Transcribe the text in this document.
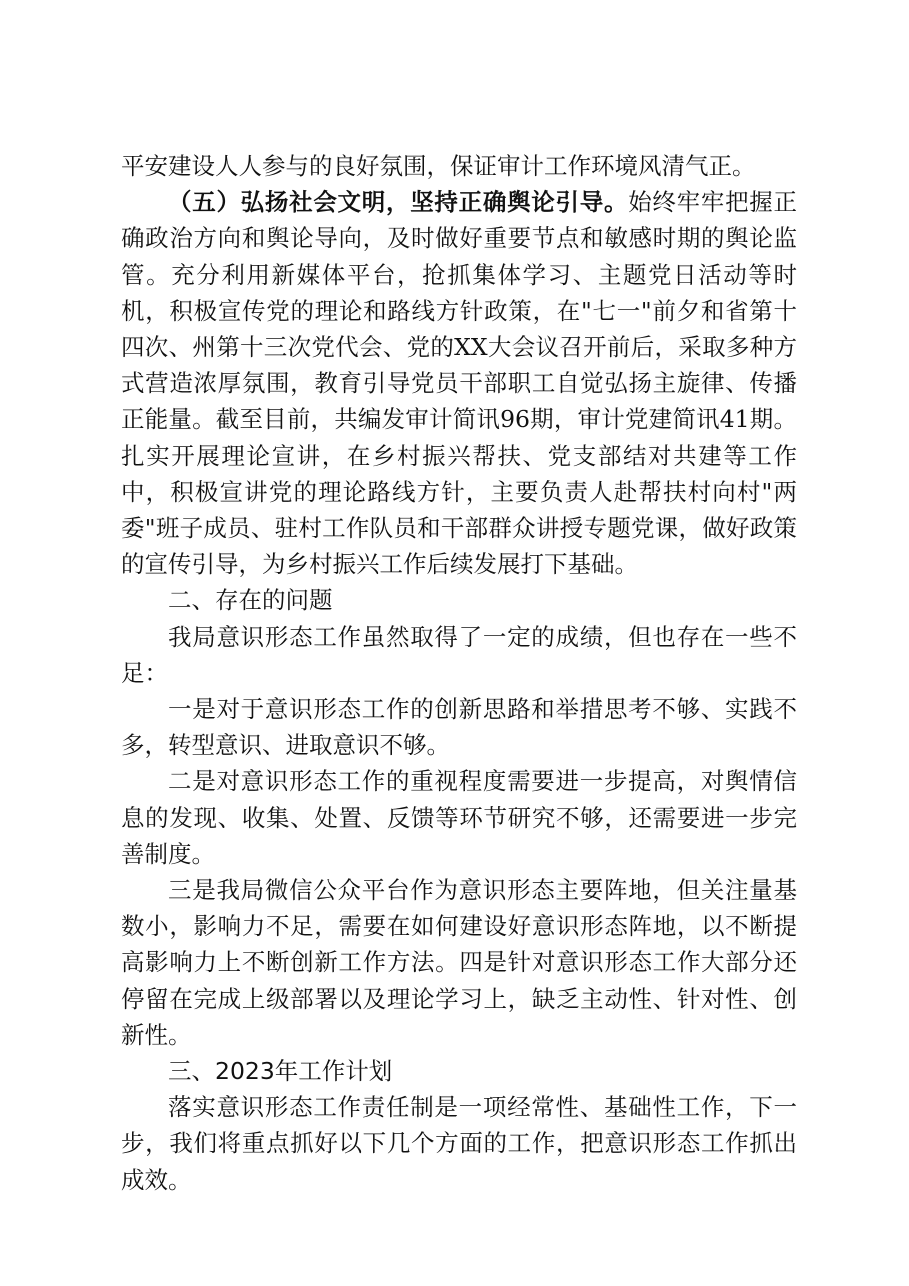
平安建设人人参与的良好氛围，保证审计工作环境风清气正。

（五）弘扬社会文明，坚持正确舆论引导。始终牢牢把握正确政治方向和舆论导向，及时做好重要节点和敏感时期的舆论监管。充分利用新媒体平台，抢抓集体学习、主题党日活动等时机，积极宣传党的理论和路线方针政策，在"七一"前夕和省第十四次、州第十三次党代会、党的XX大会议召开前后，采取多种方式营造浓厚氛围，教育引导党员干部职工自觉弘扬主旋律、传播正能量。截至目前，共编发审计简讯96期，审计党建简讯41期。扎实开展理论宣讲，在乡村振兴帮扶、党支部结对共建等工作中，积极宣讲党的理论路线方针，主要负责人赴帮扶村向村"两委"班子成员、驻村工作队员和干部群众讲授专题党课，做好政策的宣传引导，为乡村振兴工作后续发展打下基础。

二、存在的问题

我局意识形态工作虽然取得了一定的成绩，但也存在一些不足：

一是对于意识形态工作的创新思路和举措思考不够、实践不多，转型意识、进取意识不够。

二是对意识形态工作的重视程度需要进一步提高，对舆情信息的发现、收集、处置、反馈等环节研究不够，还需要进一步完善制度。

三是我局微信公众平台作为意识形态主要阵地，但关注量基数小，影响力不足，需要在如何建设好意识形态阵地，以不断提高影响力上不断创新工作方法。四是针对意识形态工作大部分还停留在完成上级部署以及理论学习上，缺乏主动性、针对性、创新性。

三、2023年工作计划

落实意识形态工作责任制是一项经常性、基础性工作，下一步，我们将重点抓好以下几个方面的工作，把意识形态工作抓出成效。
